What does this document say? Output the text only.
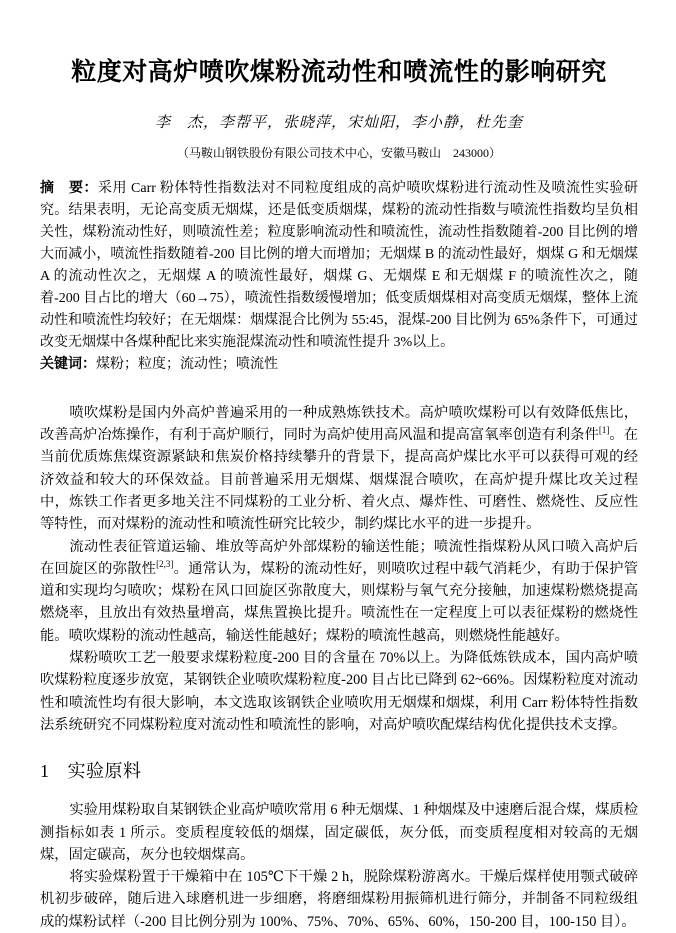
粒度对高炉喷吹煤粉流动性和喷流性的影响研究
李　杰，李帮平，张晓萍，宋灿阳，李小静，杜先奎
（马鞍山钢铁股份有限公司技术中心，安徽马鞍山　243000）

摘　要：采用 Carr 粉体特性指数法对不同粒度组成的高炉喷吹煤粉进行流动性及喷流性实验研究。结果表明，无论高变质无烟煤，还是低变质烟煤，煤粉的流动性指数与喷流性指数均呈负相关性，煤粉流动性好，则喷流性差；粒度影响流动性和喷流性，流动性指数随着-200 目比例的增大而减小，喷流性指数随着-200 目比例的增大而增加；无烟煤 B 的流动性最好，烟煤 G 和无烟煤 A 的流动性次之，无烟煤 A 的喷流性最好，烟煤 G、无烟煤 E 和无烟煤 F 的喷流性次之，随着-200 目占比的增大（60→75），喷流性指数缓慢增加；低变质烟煤相对高变质无烟煤，整体上流动性和喷流性均较好；在无烟煤：烟煤混合比例为 55:45，混煤-200 目比例为 65%条件下，可通过改变无烟煤中各煤种配比来实施混煤流动性和喷流性提升 3%以上。

关键词：煤粉；粒度；流动性；喷流性

喷吹煤粉是国内外高炉普遍采用的一种成熟炼铁技术。高炉喷吹煤粉可以有效降低焦比，改善高炉冶炼操作，有利于高炉顺行，同时为高炉使用高风温和提高富氧率创造有利条件[1]。在当前优质炼焦煤资源紧缺和焦炭价格持续攀升的背景下，提高高炉煤比水平可以获得可观的经济效益和较大的环保效益。目前普遍采用无烟煤、烟煤混合喷吹，在高炉提升煤比攻关过程中，炼铁工作者更多地关注不同煤粉的工业分析、着火点、爆炸性、可磨性、燃烧性、反应性等特性，而对煤粉的流动性和喷流性研究比较少，制约煤比水平的进一步提升。

流动性表征管道运输、堆放等高炉外部煤粉的输送性能；喷流性指煤粉从风口喷入高炉后在回旋区的弥散性[2,3]。通常认为，煤粉的流动性好，则喷吹过程中载气消耗少，有助于保护管道和实现均匀喷吹；煤粉在风口回旋区弥散度大，则煤粉与氧气充分接触，加速煤粉燃烧提高燃烧率，且放出有效热量增高，煤焦置换比提升。喷流性在一定程度上可以表征煤粉的燃烧性能。喷吹煤粉的流动性越高，输送性能越好；煤粉的喷流性越高，则燃烧性能越好。

煤粉喷吹工艺一般要求煤粉粒度-200 目的含量在 70%以上。为降低炼铁成本，国内高炉喷吹煤粉粒度逐步放宽，某钢铁企业喷吹煤粉粒度-200 目占比已降到 62~66%。因煤粉粒度对流动性和喷流性均有很大影响，本文选取该钢铁企业喷吹用无烟煤和烟煤，利用 Carr 粉体特性指数法系统研究不同煤粉粒度对流动性和喷流性的影响，对高炉喷吹配煤结构优化提供技术支撑。

1 实验原料

实验用煤粉取自某钢铁企业高炉喷吹常用 6 种无烟煤、1 种烟煤及中速磨后混合煤，煤质检测指标如表 1 所示。变质程度较低的烟煤，固定碳低，灰分低，而变质程度相对较高的无烟煤，固定碳高，灰分也较烟煤高。

将实验煤粉置于干燥箱中在 105℃下干燥 2 h，脱除煤粉游离水。干燥后煤样使用颚式破碎机初步破碎，随后进入球磨机进一步细磨，将磨细煤粉用振筛机进行筛分，并制备不同粒级组成的煤粉试样（-200 目比例分别为 100%、75%、70%、65%、60%，150-200 目，100-150 目）。
